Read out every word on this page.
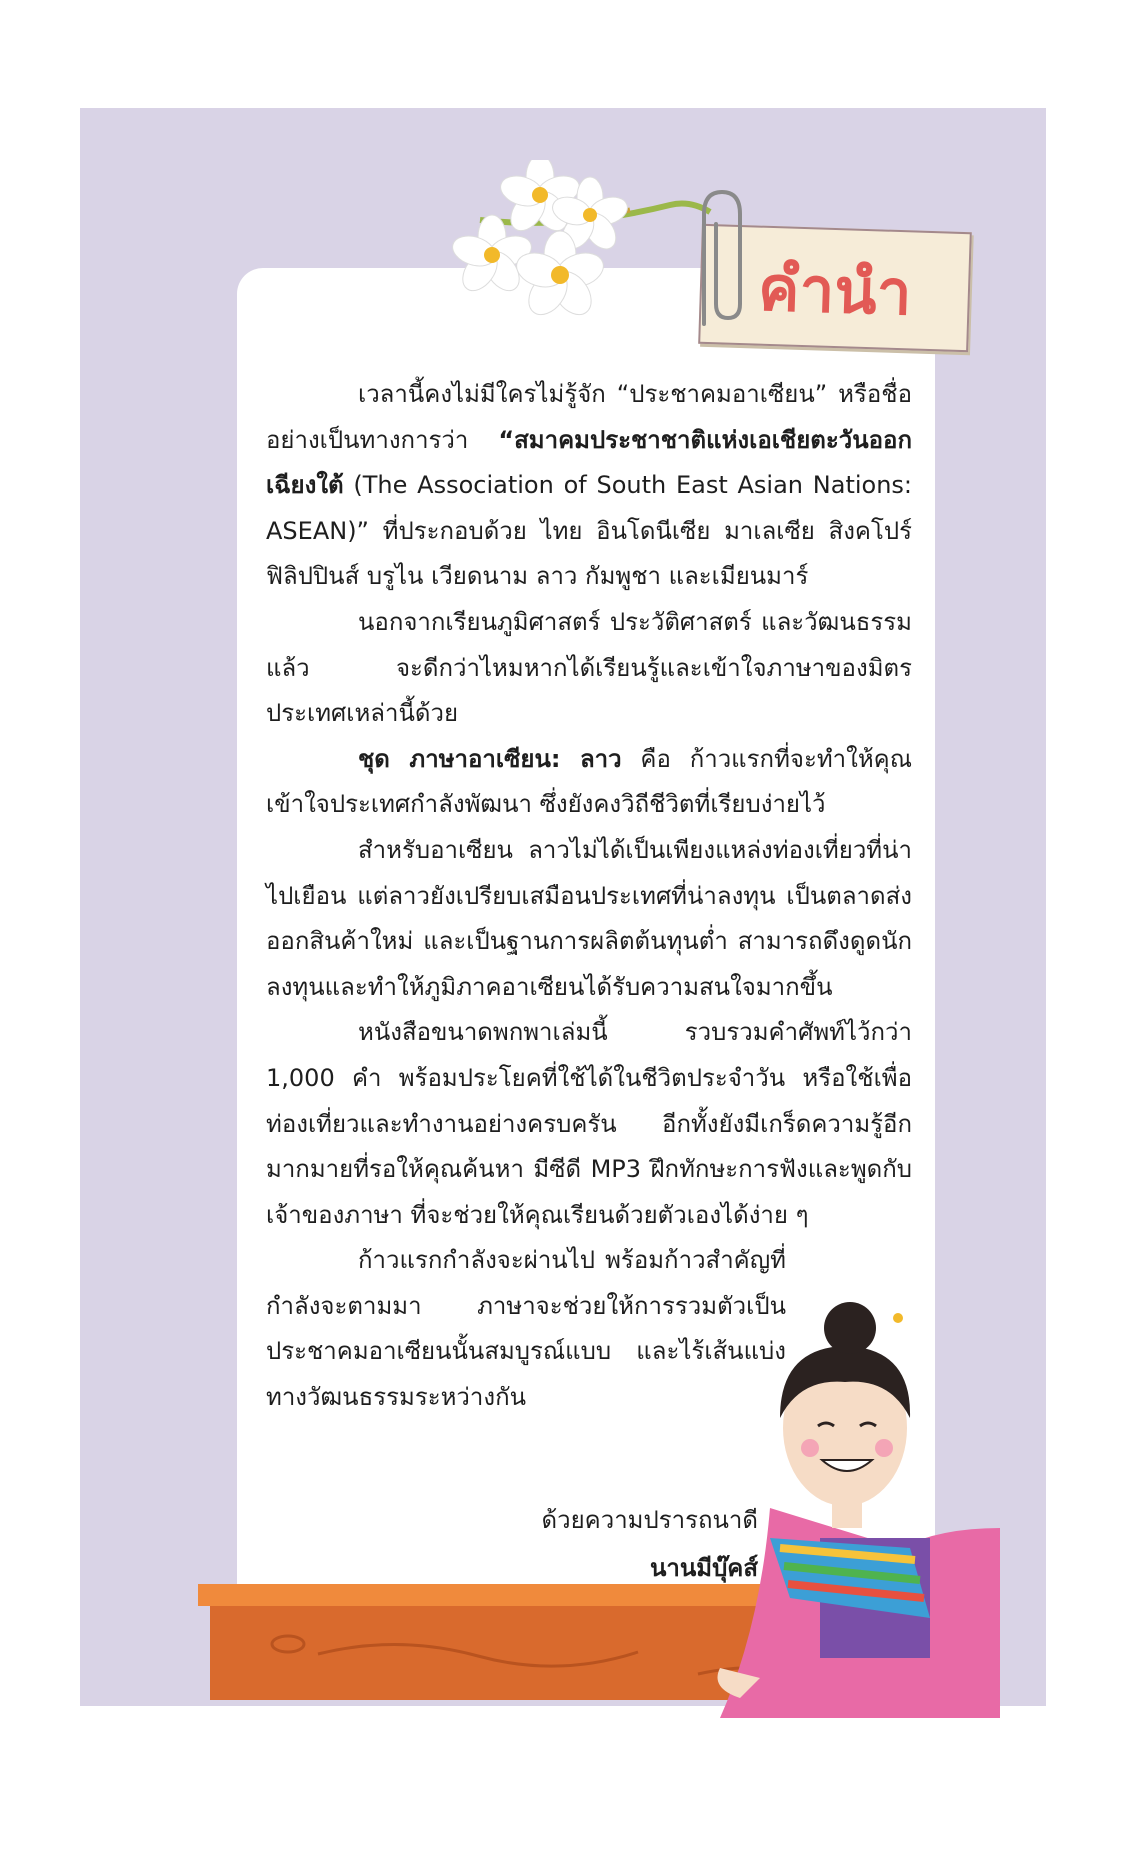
คำนำ

เวลานี้คงไม่มีใครไม่รู้จัก “ประชาคมอาเซียน” หรือชื่ออย่างเป็นทางการว่า “สมาคมประชาชาติแห่งเอเชียตะวันออกเฉียงใต้ (The Association of South East Asian Nations: ASEAN)” ที่ประกอบด้วย ไทย อินโดนีเซีย มาเลเซีย สิงคโปร์ ฟิลิปปินส์ บรูไน เวียดนาม ลาว กัมพูชา และเมียนมาร์

นอกจากเรียนภูมิศาสตร์ ประวัติศาสตร์ และวัฒนธรรมแล้ว จะดีกว่าไหมหากได้เรียนรู้และเข้าใจภาษาของมิตรประเทศเหล่านี้ด้วย

ชุด ภาษาอาเซียน: ลาว คือ ก้าวแรกที่จะทำให้คุณเข้าใจประเทศกำลังพัฒนา ซึ่งยังคงวิถีชีวิตที่เรียบง่ายไว้

สำหรับอาเซียน ลาวไม่ได้เป็นเพียงแหล่งท่องเที่ยวที่น่าไปเยือน แต่ลาวยังเปรียบเสมือนประเทศที่น่าลงทุน เป็นตลาดส่งออกสินค้าใหม่ และเป็นฐานการผลิตต้นทุนต่ำ สามารถดึงดูดนักลงทุนและทำให้ภูมิภาคอาเซียนได้รับความสนใจมากขึ้น

หนังสือขนาดพกพาเล่มนี้ รวบรวมคำศัพท์ไว้กว่า 1,000 คำ พร้อมประโยคที่ใช้ได้ในชีวิตประจำวัน หรือใช้เพื่อท่องเที่ยวและทำงานอย่างครบครัน อีกทั้งยังมีเกร็ดความรู้อีกมากมายที่รอให้คุณค้นหา มีซีดี MP3 ฝึกทักษะการฟังและพูดกับเจ้าของภาษา ที่จะช่วยให้คุณเรียนด้วยตัวเองได้ง่าย ๆ

ก้าวแรกกำลังจะผ่านไป พร้อมก้าวสำคัญที่กำลังจะตามมา ภาษาจะช่วยให้การรวมตัวเป็นประชาคมอาเซียนนั้นสมบูรณ์แบบ และไร้เส้นแบ่งทางวัฒนธรรมระหว่างกัน

ด้วยความปรารถนาดี
นานมีบุ๊คส์
